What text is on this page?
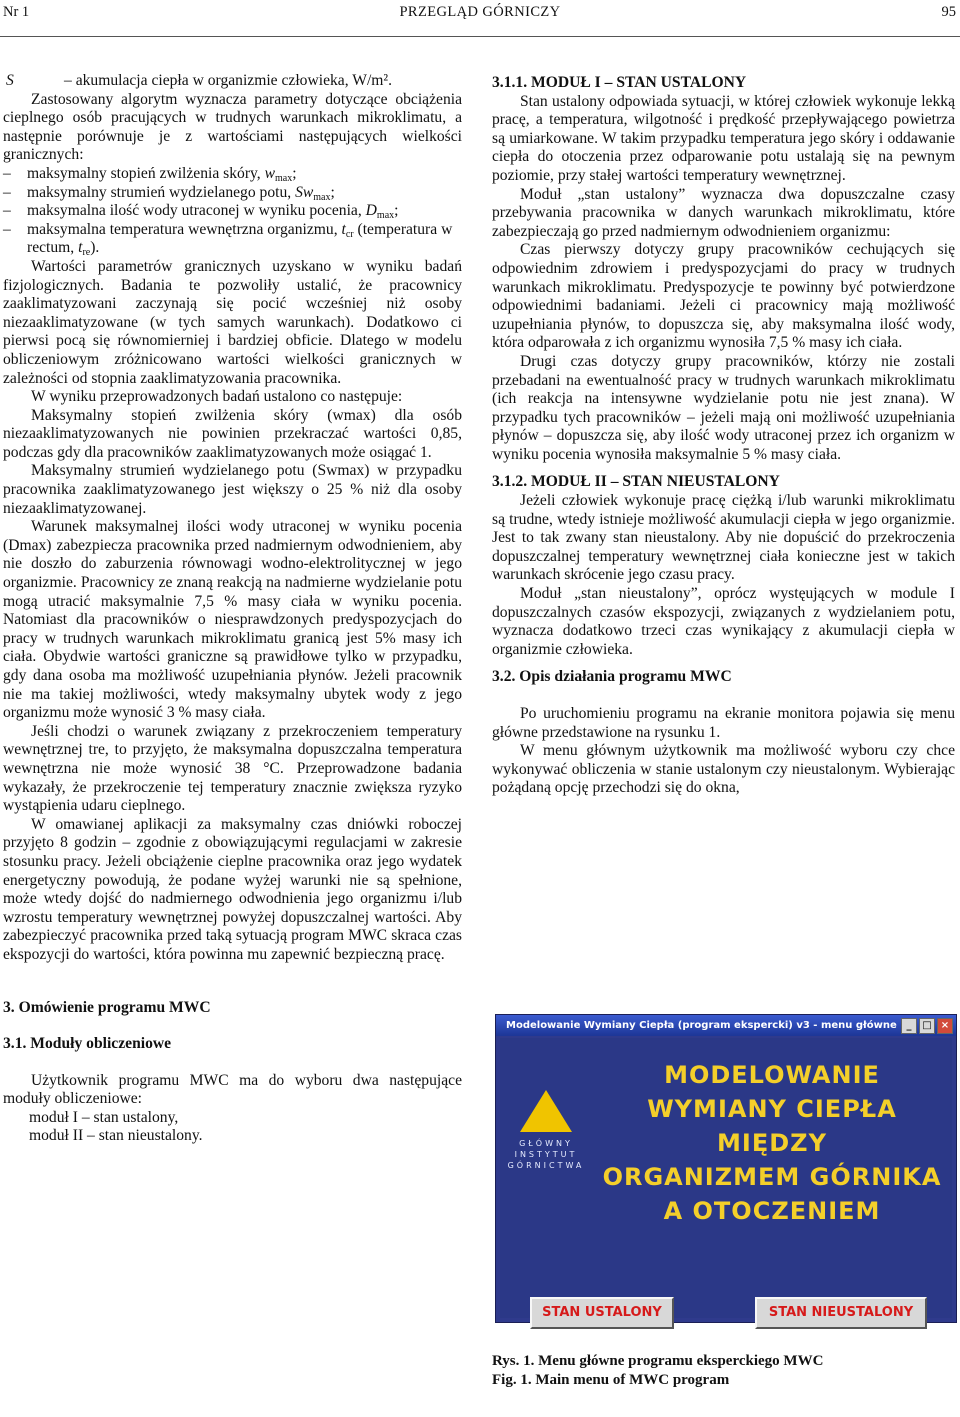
Nr 1	PRZEGLĄD GÓRNICZY	95

S	– akumulacja ciepła w organizmie człowieka, W/m².

Zastosowany algorytm wyznacza parametry dotyczące obciążenia cieplnego osób pracujących w trudnych warunkach mikroklimatu, a następnie porównuje je z wartościami następujących wielkości granicznych:

– maksymalny stopień zwilżenia skóry, $w_{max}$;

– maksymalny strumień wydzielanego potu, $Sw_{max}$;

– maksymalna ilość wody utraconej w wyniku pocenia, $D_{max}$;

– maksymalna temperatura wewnętrzna organizmu, $t_{cr}$ (temperatura w rectum, $t_{re}$).

Wartości parametrów granicznych uzyskano w wyniku badań fizjologicznych. Badania te pozwoliły ustalić, że pracownicy zaaklimatyzowani zaczynają się pocić wcześniej niż osoby niezaaklimatyzowane (w tych samych warunkach). Dodatkowo ci pierwsi pocą się równomierniej i bardziej obficie. Dlatego w modelu obliczeniowym zróżnicowano wartości wielkości granicznych w zależności od stopnia zaaklimatyzowania pracownika.

W wyniku przeprowadzonych badań ustalono co następuje:

Maksymalny stopień zwilżenia skóry (wmax) dla osób niezaaklimatyzowanych nie powinien przekraczać wartości 0,85, podczas gdy dla pracowników zaaklimatyzowanych może osiągać 1.

Maksymalny strumień wydzielanego potu (Swmax) w przypadku pracownika zaaklimatyzowanego jest większy o 25 % niż dla osoby niezaaklimatyzowanej.

Warunek maksymalnej ilości wody utraconej w wyniku pocenia (Dmax) zabezpiecza pracownika przed nadmiernym odwodnieniem, aby nie doszło do zaburzenia równowagi wodno-elektrolitycznej w jego organizmie. Pracownicy ze znaną reakcją na nadmierne wydzielanie potu mogą utracić maksymalnie 7,5 % masy ciała w wyniku pocenia. Natomiast dla pracowników o niesprawdzonych predyspozycjach do pracy w trudnych warunkach mikroklimatu granicą jest 5% masy ich ciała. Obydwie wartości graniczne są prawidłowe tylko w przypadku, gdy dana osoba ma możliwość uzupełniania płynów. Jeżeli pracownik nie ma takiej możliwości, wtedy maksymalny ubytek wody z jego organizmu może wynosić 3 % masy ciała.

Jeśli chodzi o warunek związany z przekroczeniem temperatury wewnętrznej tre, to przyjęto, że maksymalna dopuszczalna temperatura wewnętrzna nie może wynosić 38 °C. Przeprowadzone badania wykazały, że przekroczenie tej temperatury znacznie zwiększa ryzyko wystąpienia udaru cieplnego.

W omawianej aplikacji za maksymalny czas dniówki roboczej przyjęto 8 godzin – zgodnie z obowiązującymi regulacjami w zakresie stosunku pracy. Jeżeli obciążenie cieplne pracownika oraz jego wydatek energetyczny powodują, że podane wyżej warunki nie są spełnione, może wtedy dojść do nadmiernego odwodnienia jego organizmu i/lub wzrostu temperatury wewnętrznej powyżej dopuszczalnej wartości. Aby zabezpieczyć pracownika przed taką sytuacją program MWC skraca czas ekspozycji do wartości, która powinna mu zapewnić bezpieczną pracę.

3. Omówienie programu MWC
3.1. Moduły obliczeniowe

Użytkownik programu MWC ma do wyboru dwa następujące moduły obliczeniowe:

moduł I – stan ustalony,

moduł II – stan nieustalony.

3.1.1. MODUŁ I – STAN USTALONY

Stan ustalony odpowiada sytuacji, w której człowiek wykonuje lekką pracę, a temperatura, wilgotność i prędkość przepływającego powietrza są umiarkowane. W takim przypadku temperatura jego skóry i oddawanie ciepła do otoczenia przez odparowanie potu ustalają się na pewnym poziomie, przy stałej wartości temperatury wewnętrznej.

Moduł „stan ustalony” wyznacza dwa dopuszczalne czasy przebywania pracownika w danych warunkach mikroklimatu, które zabezpieczają go przed nadmiernym odwodnieniem organizmu:

Czas pierwszy dotyczy grupy pracowników cechujących się odpowiednim zdrowiem i predyspozycjami do pracy w trudnych warunkach mikroklimatu. Predyspozycje te powinny być potwierdzone odpowiednimi badaniami. Jeżeli ci pracownicy mają możliwość uzupełniania płynów, to dopuszcza się, aby maksymalna ilość wody, która odparowała z ich organizmu wynosiła 7,5 % masy ich ciała.

Drugi czas dotyczy grupy pracowników, którzy nie zostali przebadani na ewentualność pracy w trudnych warunkach mikroklimatu (ich reakcja na intensywne wydzielanie potu nie jest znana). W przypadku tych pracowników – jeżeli mają oni możliwość uzupełniania płynów – dopuszcza się, aby ilość wody utraconej przez ich organizm w wyniku pocenia wynosiła maksymalnie 5 % masy ciała.

3.1.2. MODUŁ II – STAN NIEUSTALONY

Jeżeli człowiek wykonuje pracę ciężką i/lub warunki mikroklimatu są trudne, wtedy istnieje możliwość akumulacji ciepła w jego organizmie. Jest to tak zwany stan nieustalony. Aby nie dopuścić do przekroczenia dopuszczalnej temperatury wewnętrznej ciała konieczne jest w takich warunkach skrócenie jego czasu pracy.

Moduł „stan nieustalony”, oprócz wystęujących w module I dopuszczalnych czasów ekspozycji, związanych z wydzielaniem potu, wyznacza dodatkowo trzeci czas wynikający z akumulacji ciepła w organizmie człowieka.

3.2. Opis działania programu MWC

Po uruchomieniu programu na ekranie monitora pojawia się menu główne przedstawione na rysunku 1.

W menu głównym użytkownik ma możliwość wyboru czy chce wykonywać obliczenia w stanie ustalonym czy nieustalonym. Wybierając pożądaną opcję przechodzi się do okna,

Modelowanie Wymiany Ciepła (program ekspercki) v3 - menu główne _	□ ×
GŁÓWNY INSTYTUT GÓRNICTWA
MODELOWANIE
WYMIANY CIEPŁA
MIĘDZY
ORGANIZMEM GÓRNIKA
A OTOCZENIEM
STAN USTALONY	STAN NIEUSTALONY
Rys. 1. Menu główne programu eksperckiego MWC
Fig. 1. Main menu of MWC program
